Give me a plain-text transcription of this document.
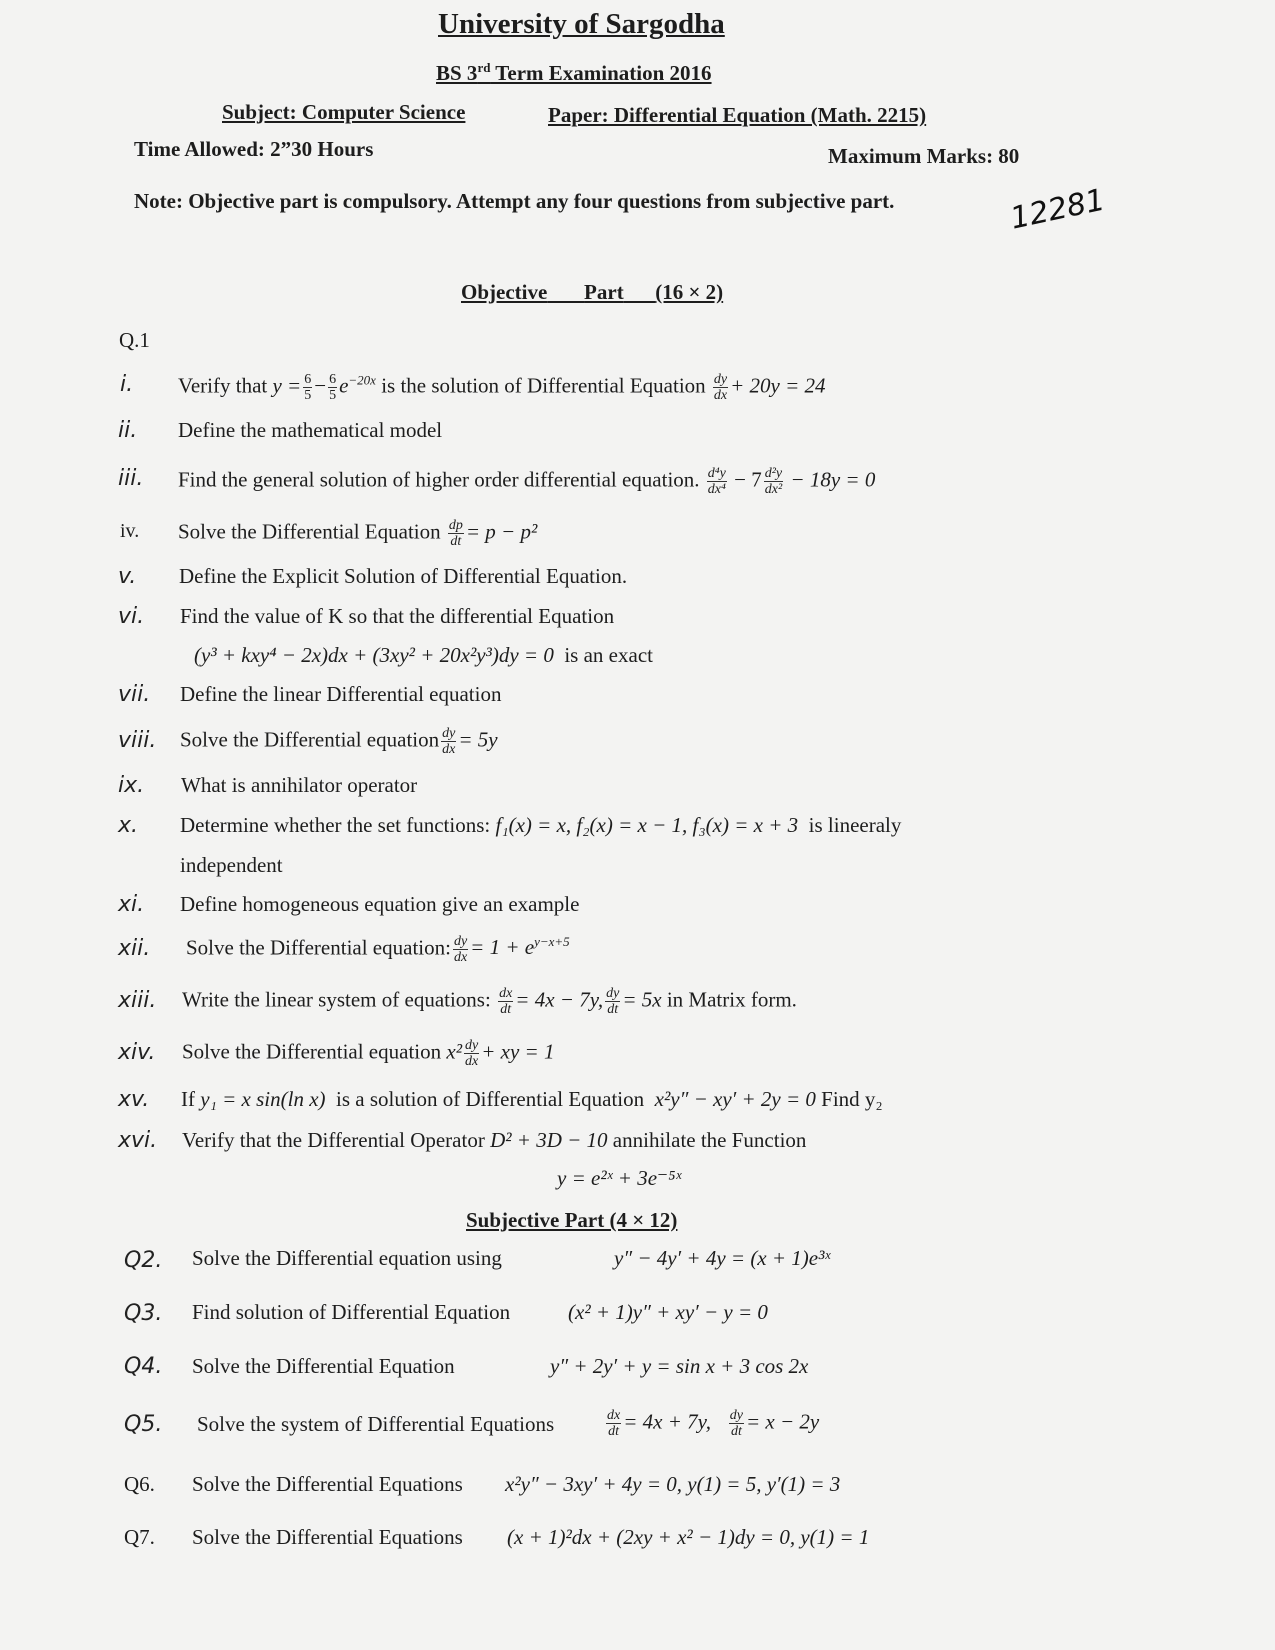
University of Sargodha
BS 3rd Term Examination 2016
Subject: Computer Science	Paper: Differential Equation (Math. 2215)
Time Allowed: 2”30 Hours	Maximum Marks: 80
Note: Objective part is compulsory. Attempt any four questions from subjective part.	12281
Objective Part (16 × 2)
Q.1
i. Verify that $y = \frac{6}{5} - \frac{6}{5} e^{-20x}$ is the solution of Differential Equation $\frac{dy}{dx} + 20y = 24$
ii. Define the mathematical model
iii. Find the general solution of higher order differential equation. $\frac{\text{d⁴y}}{\text{dx⁴}} - 7 \frac{\text{d²y}}{\text{dx²}} - 18y = 0$
iv. Solve the Differential Equation $\frac{dp}{dt} = p - p^2$
v. Define the Explicit Solution of Differential Equation.
vi. Find the value of K so that the differential Equation
(y³ + kxy⁴ − 2x)dx + (3xy² + 20x²y³)dy = 0 is an exact
vii. Define the linear Differential equation
viii. Solve the Differential equation $\frac{dy}{dx} = 5y$
ix. What is annihilator operator
x. Determine whether the set functions: f₁(x) = x, f₂(x) = x − 1, f₃(x) = x + 3 is lineeraly
independent
xi. Define homogeneous equation give an example
xii. Solve the Differential equation: $\frac{dy}{dx} = 1 + e^{y-x+5}$
xiii. Write the linear system of equations: $\frac{dx}{dt} = 4x - 7y$, $\frac{dy}{dt} = 5x$ in Matrix form.
xiv. Solve the Differential equation $x^2 \frac{dy}{dx}$ + xy = 1
xv. If y₁ = x sin(ln x) is a solution of Differential Equation x²y″ − xy′ + 2y = 0 Find y₂
xvi. Verify that the Differential Operator D² + 3D − 10 annihilate the Function
y = e²ˣ + 3e⁻⁵ˣ
Subjective Part (4 × 12)
Q2. Solve the Differential equation using	y″ − 4y′ + 4y = (x + 1)e³ˣ
Q3. Find solution of Differential Equation	(x² + 1)y″ + xy′ − y = 0
Q4. Solve the Differential Equation	y″ + 2y′ + y = sin x + 3 cos 2x
Q5. Solve the system of Differential Equations	$\frac{dx}{dt} = 4x + 7y$, $\frac{dy}{dt} = x - 2y$
Q6. Solve the Differential Equations x²y″ − 3xy′ + 4y = 0, y(1) = 5, y′(1) = 3
Q7. Solve the Differential Equations (x + 1)²dx + (2xy + x² − 1)dy = 0, y(1) = 1
